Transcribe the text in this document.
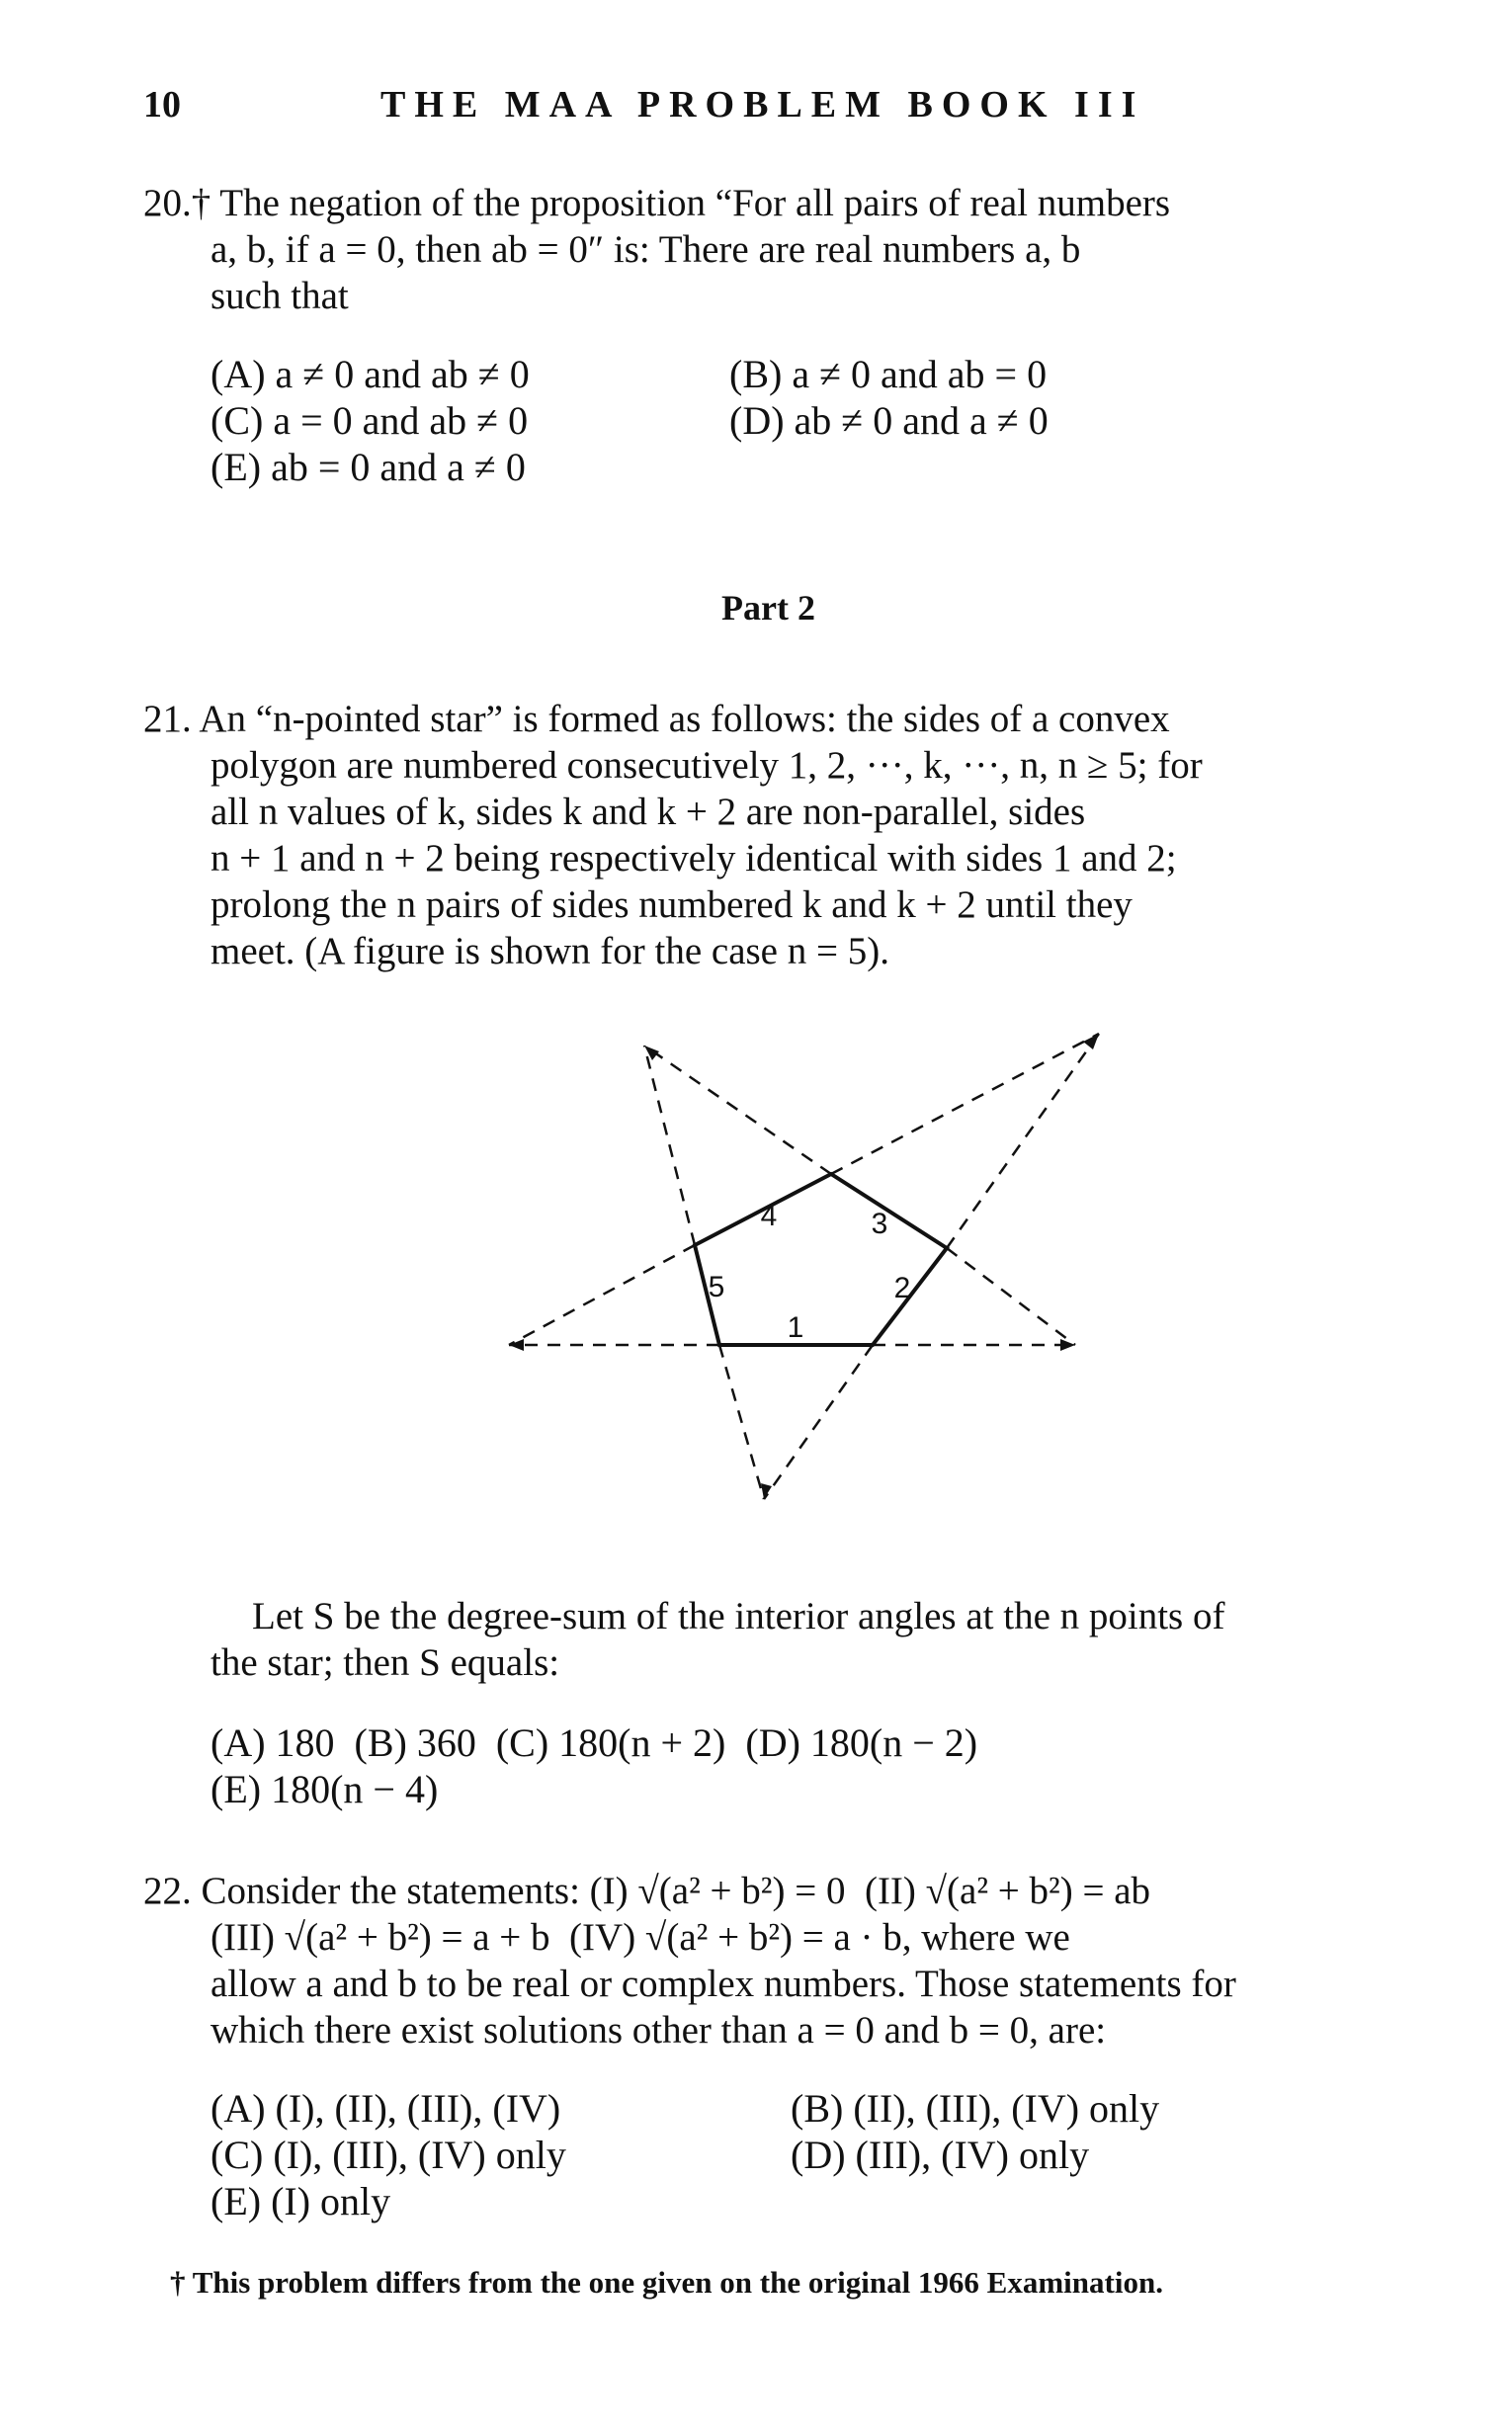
10	THE MAA PROBLEM BOOK III
20.† The negation of the proposition “For all pairs of real numbers
a, b, if a = 0, then ab = 0″ is: There are real numbers a, b
such that
(A) a ≠ 0 and ab ≠ 0	(B) a ≠ 0 and ab = 0
(C) a = 0 and ab ≠ 0	(D) ab ≠ 0 and a ≠ 0
(E) ab = 0 and a ≠ 0
Part 2
21. An “n-pointed star” is formed as follows: the sides of a convex
polygon are numbered consecutively 1, 2, ···, k, ···, n, n ≥ 5; for
all n values of k, sides k and k + 2 are non-parallel, sides
n + 1 and n + 2 being respectively identical with sides 1 and 2;
prolong the n pairs of sides numbered k and k + 2 until they
meet. (A figure is shown for the case n = 5).
1
2
3
4
5
Let S be the degree-sum of the interior angles at the n points of
the star; then S equals:
(A) 180  (B) 360  (C) 180(n + 2)  (D) 180(n − 2)
(E) 180(n − 4)
22. Consider the statements: (I) √(a² + b²) = 0  (II) √(a² + b²) = ab
(III) √(a² + b²) = a + b  (IV) √(a² + b²) = a · b, where we
allow a and b to be real or complex numbers. Those statements for
which there exist solutions other than a = 0 and b = 0, are:
(A) (I), (II), (III), (IV)	(B) (II), (III), (IV) only
(C) (I), (III), (IV) only	(D) (III), (IV) only
(E) (I) only
† This problem differs from the one given on the original 1966 Examination.
